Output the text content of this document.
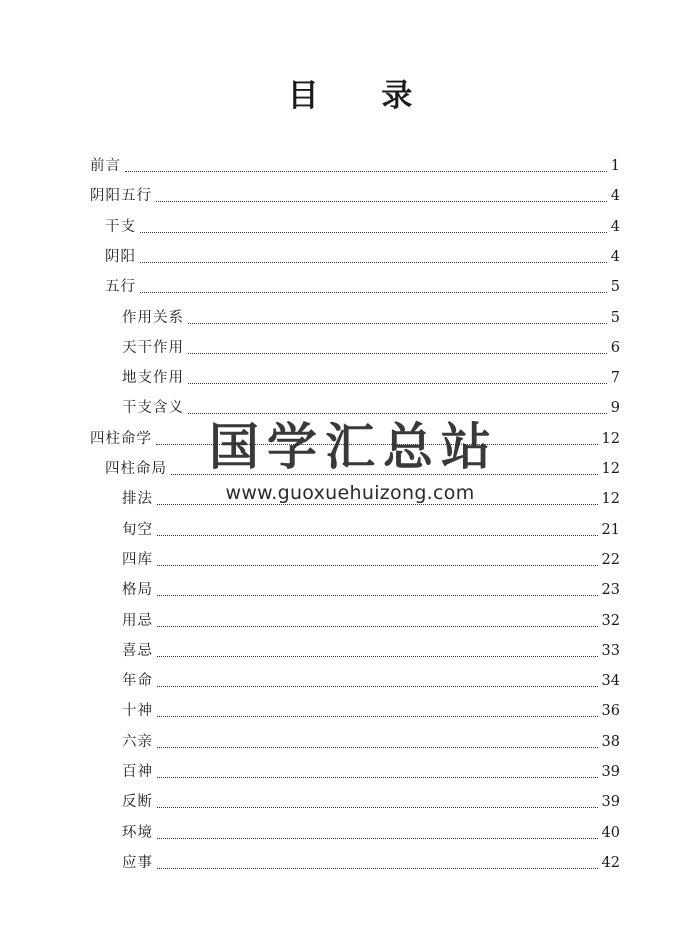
目 录
前言	1
阴阳五行	4
干支	4
阴阳	4
五行	5
作用关系	5
天干作用	6
地支作用	7
干支含义	9
四柱命学	12
四柱命局	12
排法	12
旬空	21
四库	22
格局	23
用忌	32
喜忌	33
年命	34
十神	36
六亲	38
百神	39
反断	39
环境	40
应事	42
国学汇总站
www.guoxuehuizong.com
